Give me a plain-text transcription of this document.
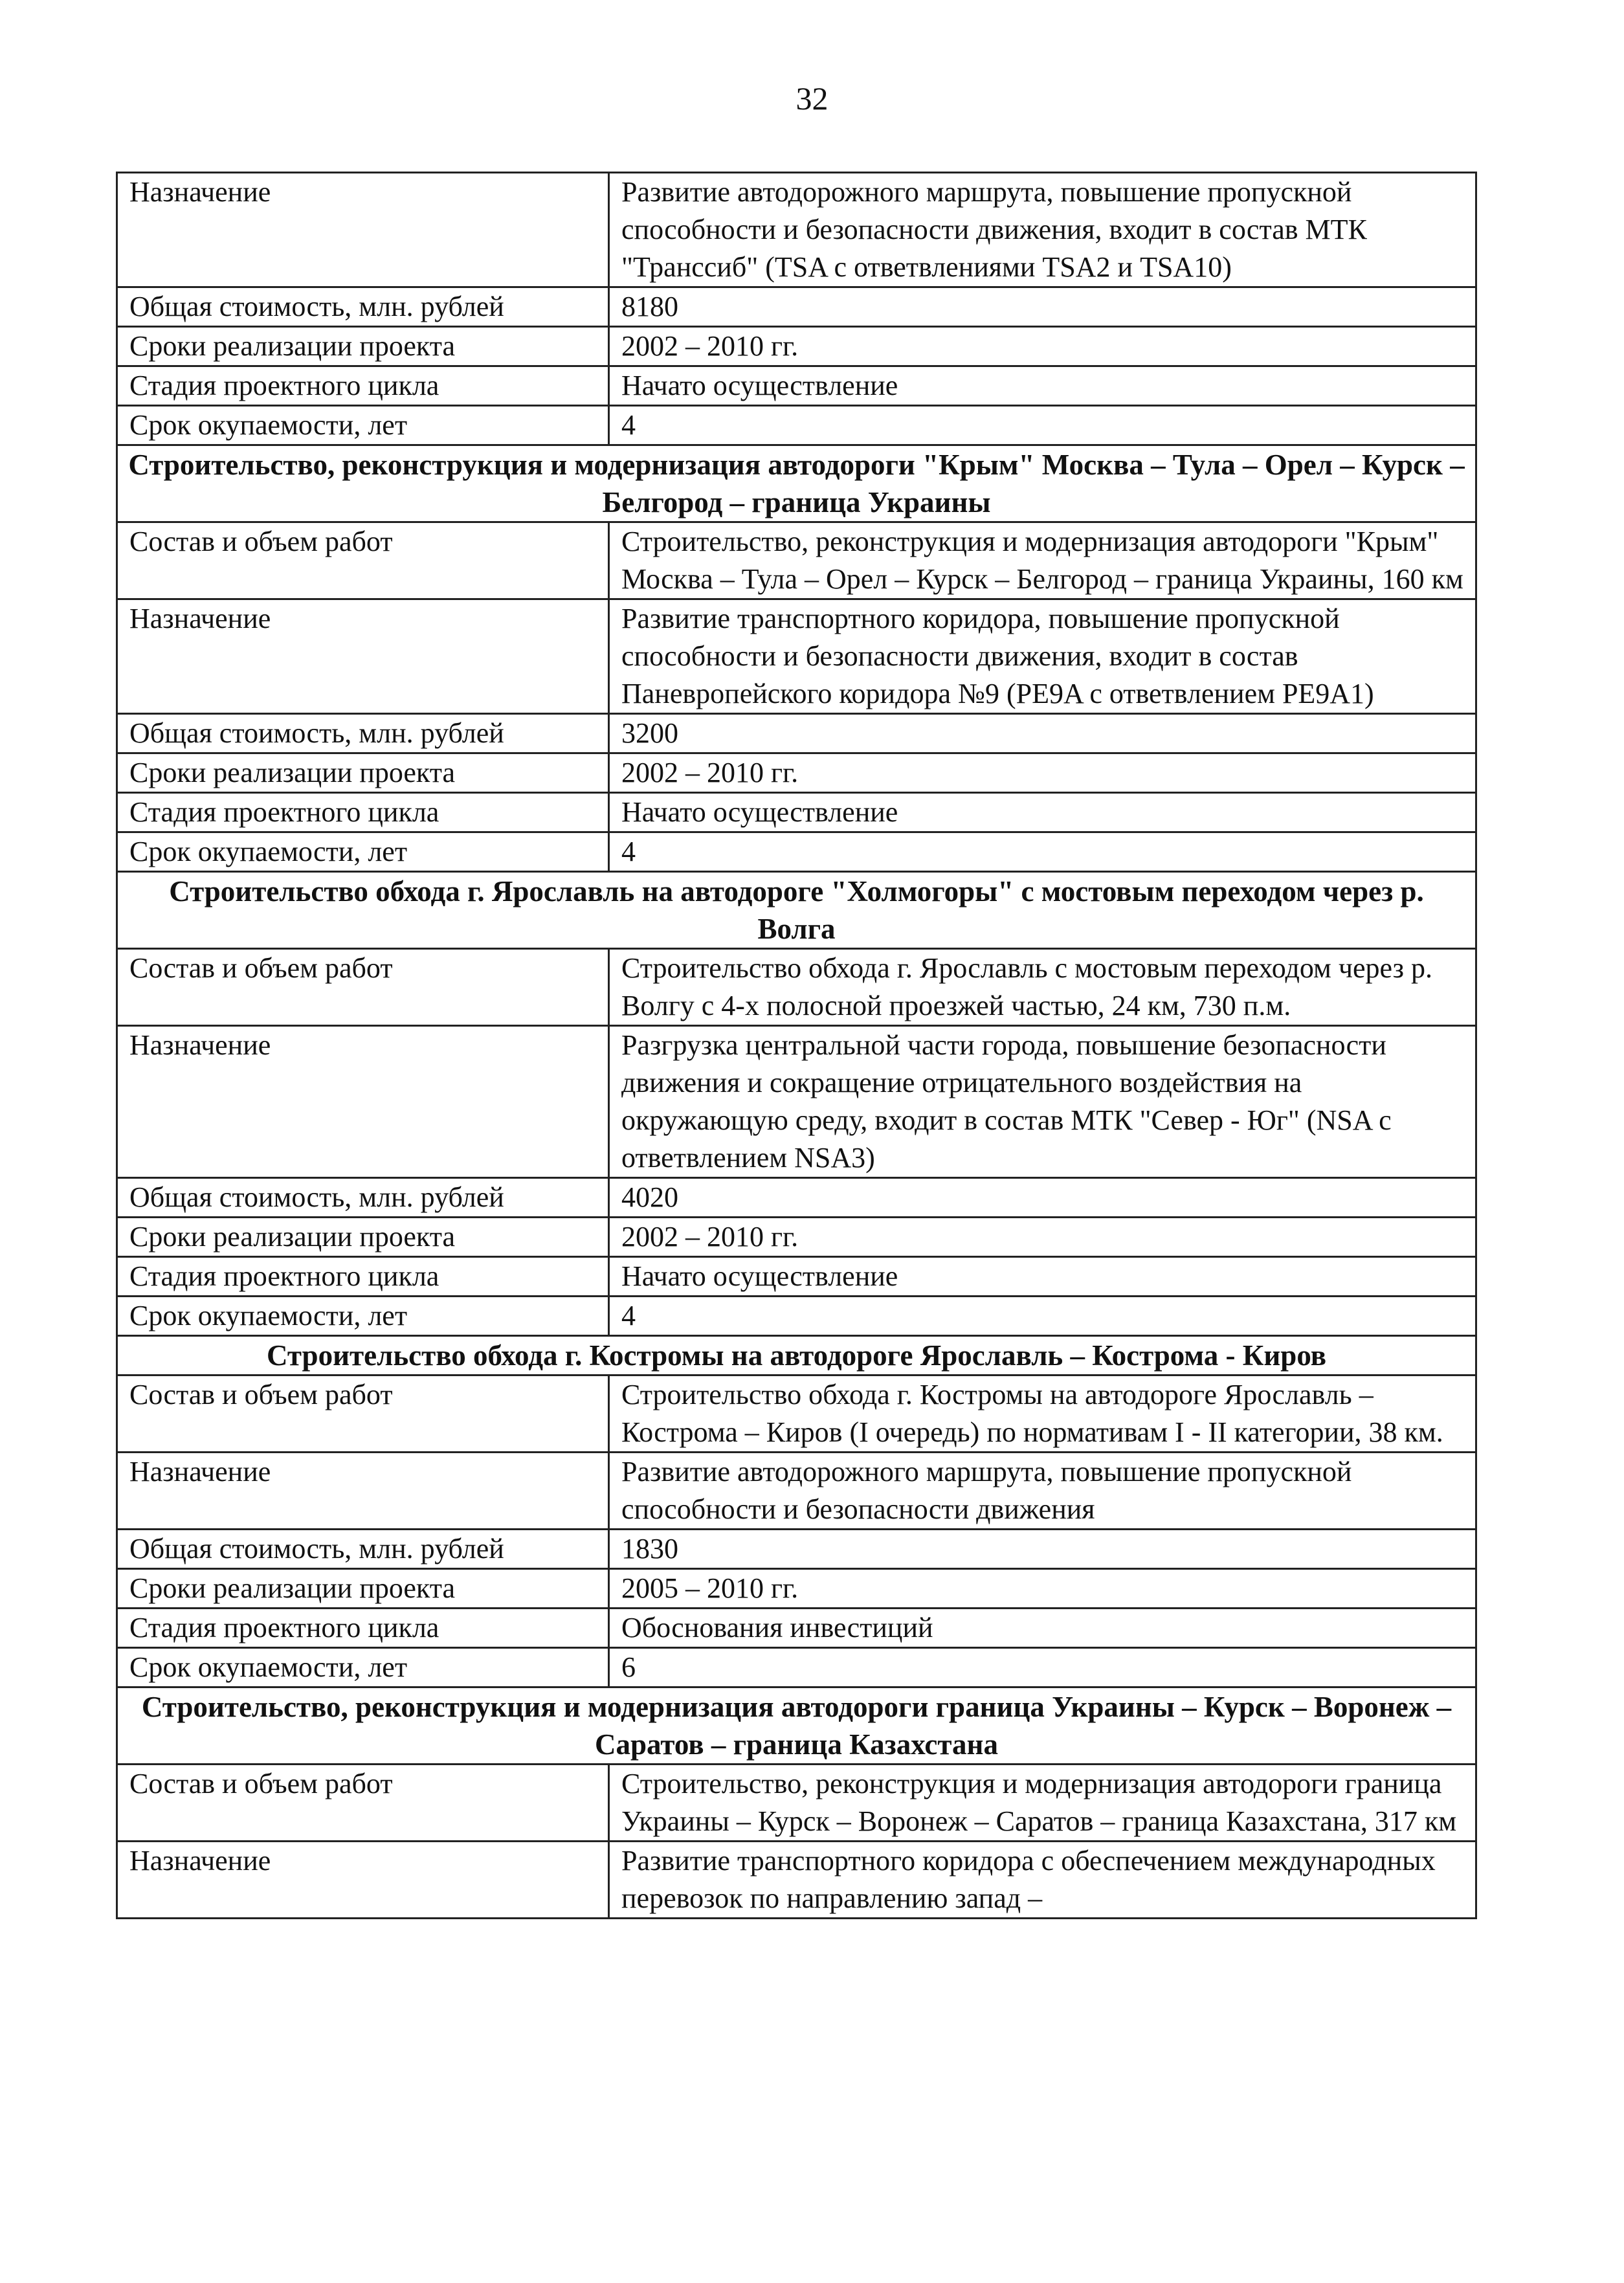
32
Назначение	Развитие автодорожного маршрута, повышение пропускной способности и безопасности движения, входит в состав МТК "Транссиб" (TSA с ответвлениями TSA2 и TSA10)
Общая стоимость, млн. рублей	8180
Сроки реализации проекта	2002 – 2010 гг.
Стадия проектного цикла	Начато осуществление
Срок окупаемости, лет	4
Строительство, реконструкция и модернизация автодороги "Крым" Москва – Тула – Орел – Курск – Белгород – граница Украины	
Состав и объем работ	Строительство, реконструкция и модернизация автодороги "Крым" Москва – Тула – Орел – Курск – Белгород – граница Украины, 160 км
Назначение	Развитие транспортного коридора, повышение пропускной способности и безопасности движения, входит в состав Паневропейского коридора №9 (PE9A с ответвлением PE9A1)
Общая стоимость, млн. рублей	3200
Сроки реализации проекта	2002 – 2010 гг.
Стадия проектного цикла	Начато осуществление
Срок окупаемости, лет	4
Строительство обхода г. Ярославль на автодороге "Холмогоры" с мостовым переходом через р. Волга	
Состав и объем работ	Строительство обхода г. Ярославль с мостовым переходом через р. Волгу с 4-х полосной проезжей частью, 24 км, 730 п.м.
Назначение	Разгрузка центральной части города, повышение безопасности движения и сокращение отрицательного воздействия на окружающую среду, входит в состав МТК "Север - Юг" (NSA с ответвлением NSA3)
Общая стоимость, млн. рублей	4020
Сроки реализации проекта	2002 – 2010 гг.
Стадия проектного цикла	Начато осуществление
Срок окупаемости, лет	4
Строительство обхода г. Костромы на автодороге Ярославль – Кострома - Киров	
Состав и объем работ	Строительство обхода г. Костромы на автодороге Ярославль – Кострома – Киров (I очередь) по нормативам I - II категории, 38 км.
Назначение	Развитие автодорожного маршрута, повышение пропускной способности и безопасности движения
Общая стоимость, млн. рублей	1830
Сроки реализации проекта	2005 – 2010 гг.
Стадия проектного цикла	Обоснования инвестиций
Срок окупаемости, лет	6
Строительство, реконструкция и модернизация автодороги граница Украины – Курск – Воронеж – Саратов – граница Казахстана	
Состав и объем работ	Строительство, реконструкция и модернизация автодороги граница Украины – Курск – Воронеж – Саратов – граница Казахстана, 317 км
Назначение	Развитие транспортного коридора с обеспечением международных перевозок по направлению запад –
